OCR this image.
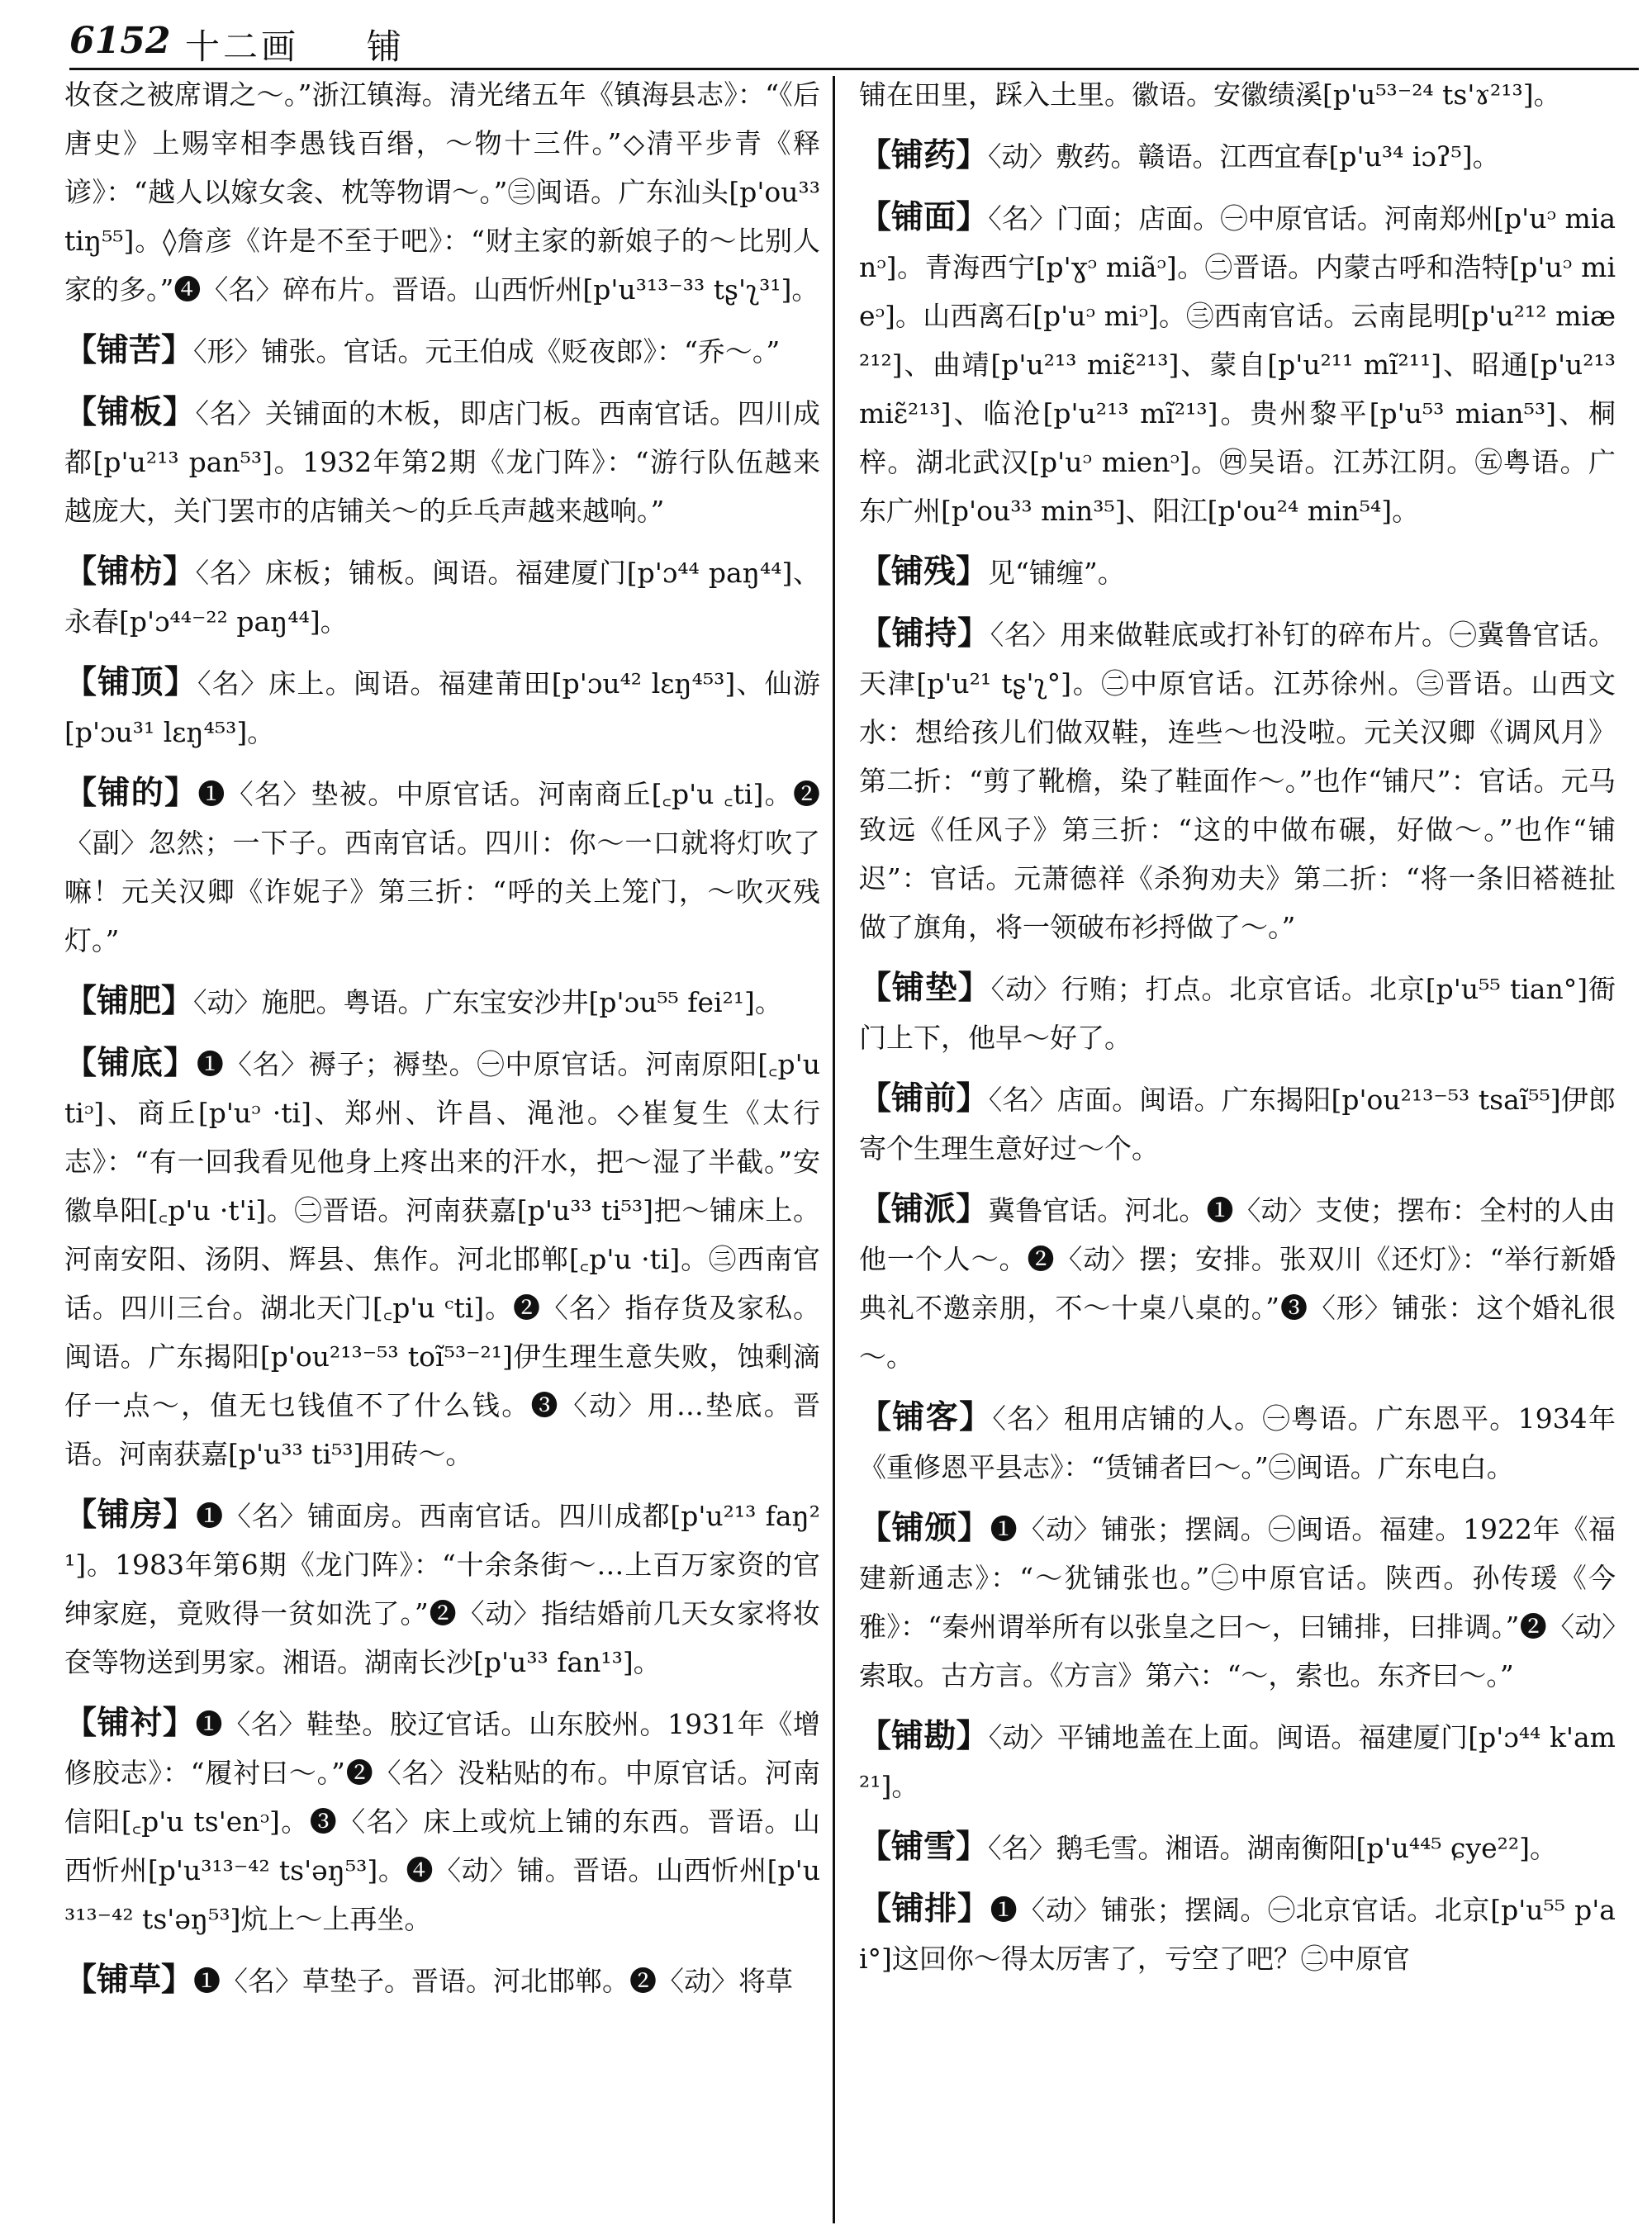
6152 十二画 铺

妆奁之被席谓之～。”浙江镇海。清光绪五年《镇海县志》：“《后唐史》上赐宰相李愚钱百缗，～物十三件。”◇清平步青《释谚》：“越人以嫁女衾、枕等物谓～。”㊂闽语。广东汕头[p'ou³³ tiŋ⁵⁵]。◊詹彦《许是不至于吧》：“财主家的新娘子的～比别人家的多。”❹〈名〉碎布片。晋语。山西忻州[p'u³¹³⁻³³ tʂ'ʅ³¹]。

【铺苦】〈形〉铺张。官话。元王伯成《贬夜郎》：“乔～。”

【铺板】〈名〉关铺面的木板，即店门板。西南官话。四川成都[p'u²¹³ pan⁵³]。1932年第2期《龙门阵》：“游行队伍越来越庞大，关门罢市的店铺关～的乒乓声越来越响。”

【铺枋】〈名〉床板；铺板。闽语。福建厦门[p'ɔ⁴⁴ paŋ⁴⁴]、永春[p'ɔ⁴⁴⁻²² paŋ⁴⁴]。

【铺顶】〈名〉床上。闽语。福建莆田[p'ɔu⁴² lɛŋ⁴⁵³]、仙游[p'ɔu³¹ lɛŋ⁴⁵³]。

【铺的】❶〈名〉垫被。中原官话。河南商丘[꜀p'u ꜀ti]。❷〈副〉忽然；一下子。西南官话。四川：你～一口就将灯吹了嘛！元关汉卿《诈妮子》第三折：“呼的关上笼门，～吹灭残灯。”

【铺肥】〈动〉施肥。粤语。广东宝安沙井[p'ɔu⁵⁵ fei²¹]。

【铺底】❶〈名〉褥子；褥垫。㊀中原官话。河南原阳[꜀p'u tiᵓ]、商丘[p'uᵓ ·ti]、郑州、许昌、渑池。◇崔复生《太行志》：“有一回我看见他身上疼出来的汗水，把～湿了半截。”安徽阜阳[꜀p'u ·t'i]。㊁晋语。河南获嘉[p'u³³ ti⁵³]把～铺床上。河南安阳、汤阴、辉县、焦作。河北邯郸[꜀p'u ·ti]。㊂西南官话。四川三台。湖北天门[꜀p'u ᶜti]。❷〈名〉指存货及家私。闽语。广东揭阳[p'ou²¹³⁻⁵³ toĩ⁵³⁻²¹]伊生理生意失败，蚀剩滴仔一点～，值无乜钱值不了什么钱。❸〈动〉用…垫底。晋语。河南获嘉[p'u³³ ti⁵³]用砖～。

【铺房】❶〈名〉铺面房。西南官话。四川成都[p'u²¹³ faŋ²¹]。1983年第6期《龙门阵》：“十余条街～…上百万家资的官绅家庭，竟败得一贫如洗了。”❷〈动〉指结婚前几天女家将妆奁等物送到男家。湘语。湖南长沙[p'u³³ fan¹³]。

【铺衬】❶〈名〉鞋垫。胶辽官话。山东胶州。1931年《增修胶志》：“履衬曰～。”❷〈名〉没粘贴的布。中原官话。河南信阳[꜀p'u ts'enᵓ]。❸〈名〉床上或炕上铺的东西。晋语。山西忻州[p'u³¹³⁻⁴² ts'əŋ⁵³]。❹〈动〉铺。晋语。山西忻州[p'u³¹³⁻⁴² ts'əŋ⁵³]炕上～上再坐。

【铺草】❶〈名〉草垫子。晋语。河北邯郸。❷〈动〉将草

铺在田里，踩入土里。徽语。安徽绩溪[p'u⁵³⁻²⁴ ts'ɤ²¹³]。

【铺药】〈动〉敷药。赣语。江西宜春[p'u³⁴ iɔʔ⁵]。

【铺面】〈名〉门面；店面。㊀中原官话。河南郑州[p'uᵓ mianᵓ]。青海西宁[p'ɣᵓ miãᵓ]。㊁晋语。内蒙古呼和浩特[p'uᵓ mieᵓ]。山西离石[p'uᵓ miᵓ]。㊂西南官话。云南昆明[p'u²¹² miæ²¹²]、曲靖[p'u²¹³ miɛ̃²¹³]、蒙自[p'u²¹¹ mĩ²¹¹]、昭通[p'u²¹³ miɛ̃²¹³]、临沧[p'u²¹³ mĩ²¹³]。贵州黎平[p'u⁵³ mian⁵³]、桐梓。湖北武汉[p'uᵓ mienᵓ]。㊃吴语。江苏江阴。㊄粤语。广东广州[p'ou³³ min³⁵]、阳江[p'ou²⁴ min⁵⁴]。

【铺残】见“铺缠”。

【铺持】〈名〉用来做鞋底或打补钉的碎布片。㊀冀鲁官话。天津[p'u²¹ tʂ'ʅ°]。㊁中原官话。江苏徐州。㊂晋语。山西文水：想给孩儿们做双鞋，连些～也没啦。元关汉卿《调风月》第二折：“剪了靴檐，染了鞋面作～。”也作“铺尺”：官话。元马致远《任风子》第三折：“这的中做布碾，好做～。”也作“铺迟”：官话。元萧德祥《杀狗劝夫》第二折：“将一条旧褡裢扯做了旗角，将一领破布衫捋做了～。”

【铺垫】〈动〉行贿；打点。北京官话。北京[p'u⁵⁵ tian°]衙门上下，他早～好了。

【铺前】〈名〉店面。闽语。广东揭阳[p'ou²¹³⁻⁵³ tsaĩ⁵⁵]伊郎寄个生理生意好过～个。

【铺派】冀鲁官话。河北。❶〈动〉支使；摆布：全村的人由他一个人～。❷〈动〉摆；安排。张双川《还灯》：“举行新婚典礼不邀亲朋，不～十桌八桌的。”❸〈形〉铺张：这个婚礼很～。

【铺客】〈名〉租用店铺的人。㊀粤语。广东恩平。1934年《重修恩平县志》：“赁铺者曰～。”㊁闽语。广东电白。

【铺颁】❶〈动〉铺张；摆阔。㊀闽语。福建。1922年《福建新通志》：“～犹铺张也。”㊁中原官话。陕西。孙传瑗《今雅》：“秦州谓举所有以张皇之曰～，曰铺排，曰排调。”❷〈动〉索取。古方言。《方言》第六：“～，索也。东齐曰～。”

【铺勘】〈动〉平铺地盖在上面。闽语。福建厦门[p'ɔ⁴⁴ k'am²¹]。

【铺雪】〈名〉鹅毛雪。湘语。湖南衡阳[p'u⁴⁴⁵ ɕye²²]。

【铺排】❶〈动〉铺张；摆阔。㊀北京官话。北京[p'u⁵⁵ p'ai°]这回你～得太厉害了，亏空了吧？㊁中原官
